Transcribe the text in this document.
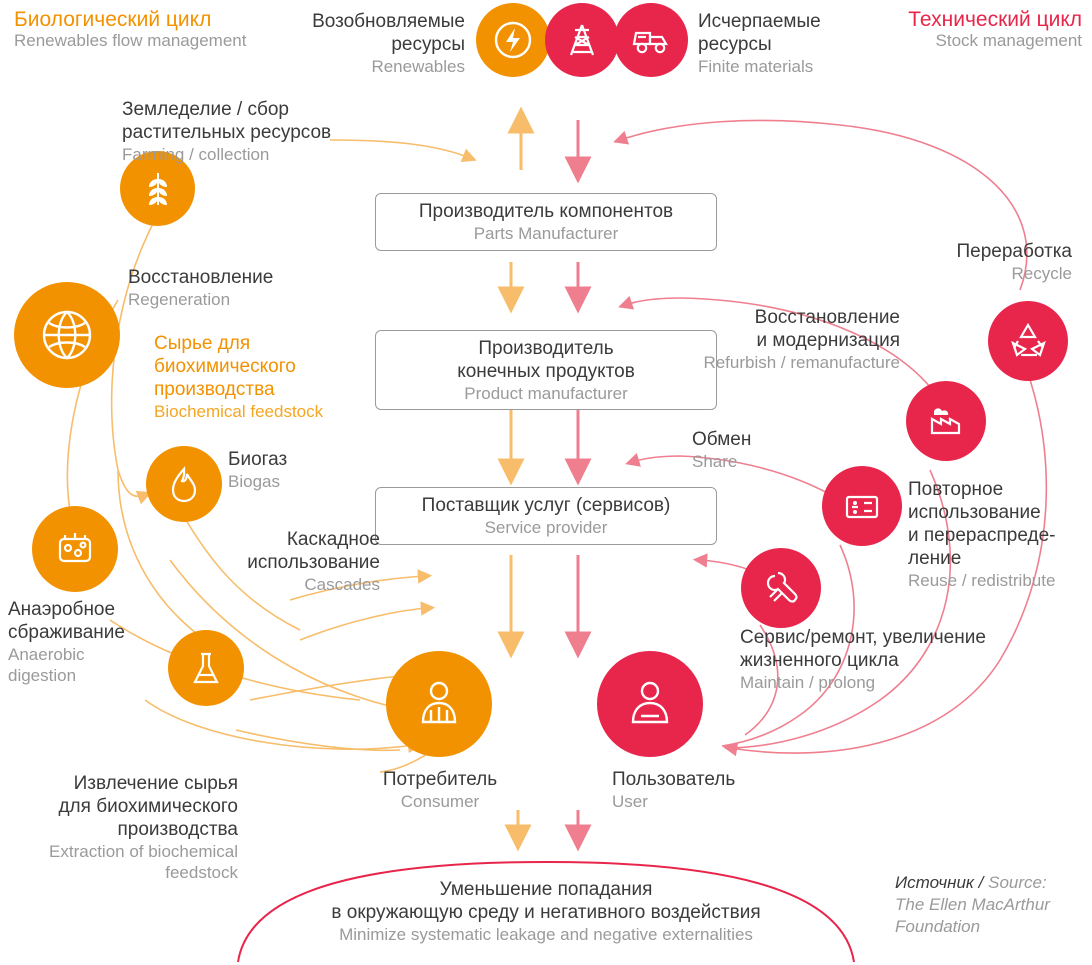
Биологический цикл
Renewables flow management
Технический цикл
Stock management
Возобновляемые
ресурсы
Renewables
Исчерпаемые
ресурсы
Finite materials
Производитель компонентов
Parts Manufacturer
Производитель
конечных продуктов
Product manufacturer
Поставщик услуг (сервисов)
Service provider
Земледелие / сбор
растительных ресурсов
Farming / collection
Восстановление
Regeneration
Сырье для
биохимического
производства
Biochemical feedstock
Биогаз
Biogas
Анаэробное
сбраживание
Anaerobic
digestion
Каскадное
использование
Cascades
Извлечение сырья
для биохимического
производства
Extraction of biochemical
feedstock
Потребитель
Consumer
Пользователь
User
Переработка
Recycle
Восстановление
и модернизация
Refurbish / remanufacture
Обмен
Share
Повторное
использование
и перераспреде-
ление
Reuse / redistribute
Сервис/ремонт, увеличение
жизненного цикла
Maintain / prolong
Уменьшение попадания
в окружающую среду и негативного воздействия
Minimize systematic leakage and negative externalities
Источник / Source:
The Ellen MacArthur
Foundation
